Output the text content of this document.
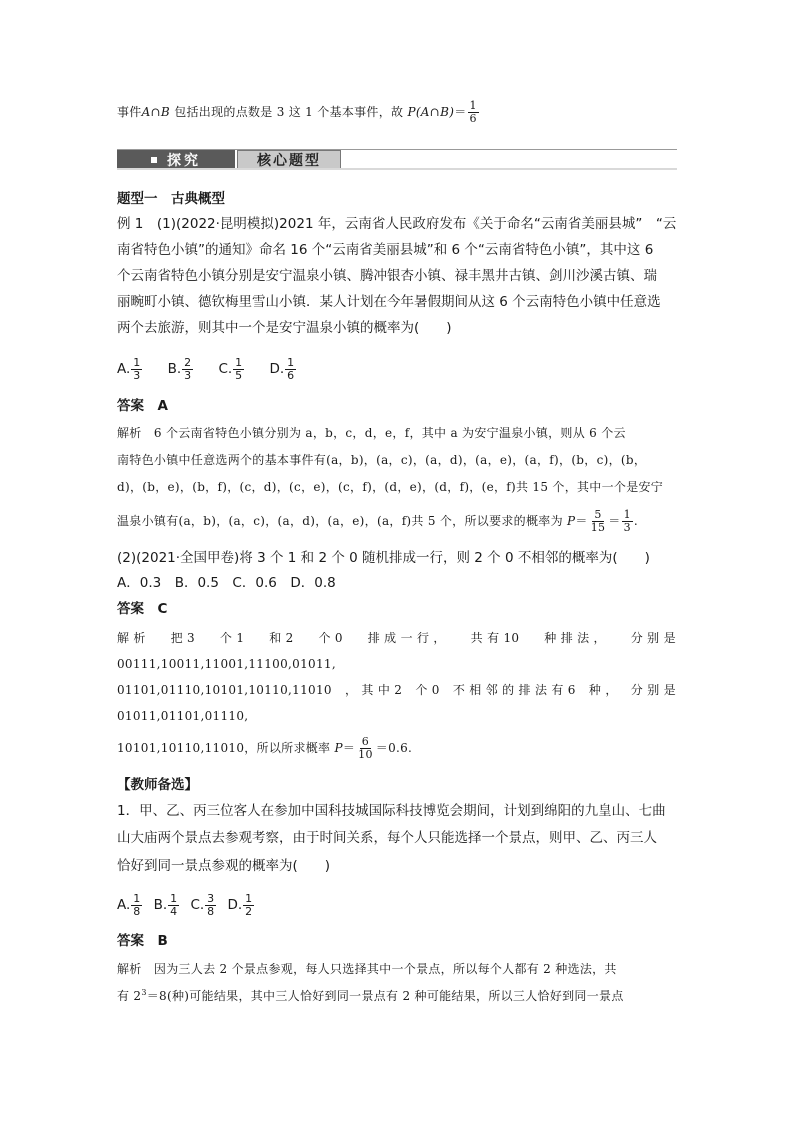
事件A∩B 包括出现的点数是 3 这 1 个基本事件，故 P(A∩B)＝ $\frac{1}{6}$
探究	核心题型
题型一　古典概型
例 1　(1)(2022·昆明模拟)2021 年，云南省人民政府发布《关于命名“云南省美丽县城”　“云
南省特色小镇”的通知》命名 16 个“云南省美丽县城”和 6 个“云南省特色小镇”，其中这 6
个云南省特色小镇分别是安宁温泉小镇、腾冲银杏小镇、禄丰黑井古镇、剑川沙溪古镇、瑞
丽畹町小镇、德钦梅里雪山小镇．某人计划在今年暑假期间从这 6 个云南特色小镇中任意选
两个去旅游，则其中一个是安宁温泉小镇的概率为(　　)
A. $\frac{1}{3}$
B. $\frac{2}{3}$
C. $\frac{1}{5}$
D. $\frac{1}{6}$
答案　A
解析　6 个云南省特色小镇分别为 a，b，c，d，e，f，其中 a 为安宁温泉小镇，则从 6 个云
南特色小镇中任意选两个的基本事件有(a，b)，(a，c)，(a，d)，(a，e)，(a，f)，(b，c)，(b，
d)，(b，e)，(b，f)，(c，d)，(c，e)，(c，f)，(d，e)，(d，f)，(e，f)共 15 个，其中一个是安宁
温泉小镇有(a，b)，(a，c)，(a，d)，(a，e)，(a，f)共 5 个，所以要求的概率为 $P= \frac{5}{15} = \frac{1}{3}$ .
(2)(2021·全国甲卷)将 3 个 1 和 2 个 0 随机排成一行，则 2 个 0 不相邻的概率为(　　)
A．0.3　B．0.5　C．0.6　D．0.8
答案　C
解 析 把 3 个 1 和 2 个 0 排 成 一 行 ， 共 有 10 种 排 法 ， 分 别 是
00111,10011,11001,11100,01011,
01101,01110,10101,10110,11010 ， 其 中 2 个 0 不 相 邻 的 排 法 有 6 种 ， 分 别 是
01011,01101,01110,
10101,10110,11010，所以所求概率 $P= \frac{6}{10} =0.6$.
【教师备选】
1．甲、乙、丙三位客人在参加中国科技城国际科技博览会期间，计划到绵阳的九皇山、七曲
山大庙两个景点去参观考察，由于时间关系，每个人只能选择一个景点，则甲、乙、丙三人
恰好到同一景点参观的概率为(　　)
A. $\frac{1}{8}$
B. $\frac{1}{4}$
C. $\frac{3}{8}$
D. $\frac{1}{2}$
答案　B
解析　因为三人去 2 个景点参观，每人只选择其中一个景点，所以每个人都有 2 种选法，共
有 $2^3=8$(种)可能结果，其中三人恰好到同一景点有 2 种可能结果，所以三人恰好到同一景点
